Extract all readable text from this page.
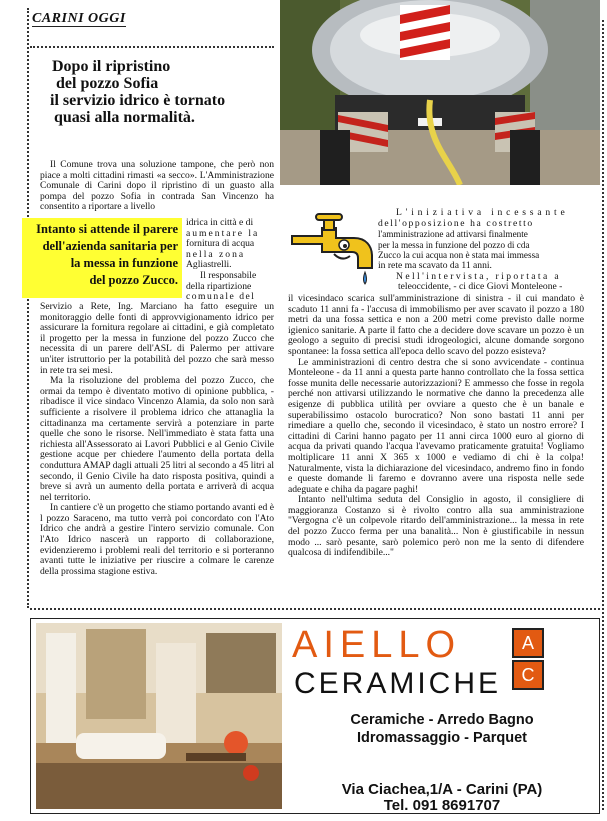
CARINI OGGI
Dopo il ripristino
del pozzo Sofia
il servizio idrico è tornato
quasi alla normalità.

Il Comune trova una soluzione tampone, che però non piace a molti cittadini rimasti «a secco». L'Amministrazione Comunale di Carini dopo il ripristino di un guasto alla pompa del pozzo Sofia in contrada San Vincenzo ha consentito a riportare a livello

idrica in città e di
aumentare la
fornitura di acqua
nella zona
Agliastrelli.
Il responsabile
della ripartizione
comunale del
Intanto si attende il parere
dell'azienda sanitaria per
la messa in funzione
del pozzo Zucco.

Servizio a Rete, Ing. Marciano ha fatto eseguire un monitoraggio delle fonti di approvvigionamento idrico per assicurare la fornitura regolare ai cittadini, e già completato il progetto per la messa in funzione del pozzo Zucco che necessita di un parere dell'ASL di Palermo per attivare un'iter istruttorio per la potabilità del pozzo che sarà messo in rete tra sei mesi.

Ma la risoluzione del problema del pozzo Zucco, che ormai da tempo è diventato motivo di opinione pubblica, - ribadisce il vice sindaco Vincenzo Alamia, da solo non sarà sufficiente a risolvere il problema idrico che attanaglia la cittadinanza ma certamente servirà a potenziare in parte quelle che sono le risorse. Nell'immediato è stata fatta una richiesta all'Assessorato ai Lavori Pubblici e al Genio Civile gestione acque per chiedere l'aumento della portata della conduttura AMAP dagli attuali 25 litri al secondo a 45 litri al secondo, il Genio Civile ha dato risposta positiva, quindi a breve si avrà un aumento della portata e arriverà di acqua nel territorio.

In cantiere c'è un progetto che stiamo portando avanti ed è l pozzo Saraceno, ma tutto verrà poi concordato con l'Ato Idrico che andrà a gestire l'intero servizio comunale. Con l'Ato Idrico nascerà un rapporto di collaborazione, evidenzieremo i problemi reali del territorio e si porteranno avanti tutte le iniziative per riuscire a colmare le carenze della prossima stagione estiva.

L'iniziativa incessante
dell'opposizione ha costretto
l'amministrazione ad attivarsi finalmente
per la messa in funzione del pozzo di cda
Zucco la cui acqua non è stata mai immessa
in rete ma scavato da 11 anni.
Nell'intervista, riportata a
teleoccidente, - ci dice Giovi Monteleone -

il vicesindaco scarica sull'amministrazione di sinistra - il cui mandato è scaduto 11 anni fa - l'accusa di immobilismo per aver scavato il pozzo a 180 metri da una fossa settica e non a 200 metri come previsto dalle norme igienico sanitarie. A parte il fatto che a decidere dove scavare un pozzo è un geologo a seguito di precisi studi idrogeologici, alcune domande sorgono spontanee: la fossa settica all'epoca dello scavo del pozzo esisteva?

Le amministrazioni di centro destra che si sono avvicendate - continua Monteleone - da 11 anni a questa parte hanno controllato che la fossa settica fosse munita delle necessarie autorizzazioni? E ammesso che fosse in regola perché non attivarsi utilizzando le normative che danno la precedenza alle esigenze di pubblica utilità per ovviare a questo che è un banale e superabilissimo ostacolo burocratico? Non sono bastati 11 anni per rimediare a quello che, secondo il vicesindaco, è stato un nostro errore? I cittadini di Carini hanno pagato per 11 anni circa 1000 euro al giorno di acqua da privati quando l'acqua l'avevamo praticamente gratuita! Vogliamo moltiplicare 11 anni X 365 x 1000 e vediamo di chi è la colpa! Naturalmente, vista la dichiarazione del vicesindaco, andremo fino in fondo e queste domande li faremo e dovranno avere una risposta nelle sede adeguate e chiha da pagare paghi!

Intanto nell'ultima seduta del Consiglio in agosto, il consigliere di maggioranza Costanzo si è rivolto contro alla sua amministrazione "Vergogna c'è un colpevole ritardo dell'amministrazione... la messa in rete del pozzo Zucco ferma per una banalità... Non è giustificabile in nessun modo ... sarò pesante, sarò polemico però non me la sento di difendere qualcosa di indifendibile..."

AIELLO
CERAMICHE
A
C
Ceramiche - Arredo Bagno
Idromassaggio - Parquet
Via Ciachea,1/A - Carini (PA)
Tel. 091 8691707
